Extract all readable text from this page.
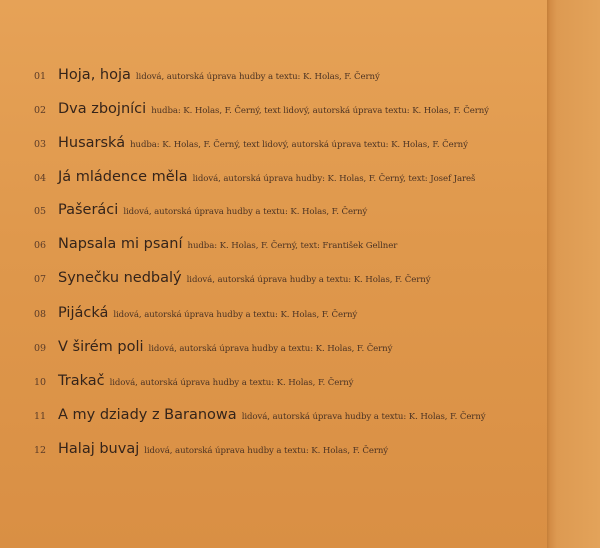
01 Hoja, hoja lidová, autorská úprava hudby a textu: K. Holas, F. Černý
02 Dva zbojníci hudba: K. Holas, F. Černý, text lidový, autorská úprava textu: K. Holas, F. Černý
03 Husarská hudba: K. Holas, F. Černý, text lidový, autorská úprava textu: K. Holas, F. Černý
04 Já mládence měla lidová, autorská úprava hudby: K. Holas, F. Černý, text: Josef Jareš
05 Pašeráci lidová, autorská úprava hudby a textu: K. Holas, F. Černý
06 Napsala mi psaní hudba: K. Holas, F. Černý, text: František Gellner
07 Synečku nedbalý lidová, autorská úprava hudby a textu: K. Holas, F. Černý
08 Pijácká lidová, autorská úprava hudby a textu: K. Holas, F. Černý
09 V širém poli lidová, autorská úprava hudby a textu: K. Holas, F. Černý
10 Trakač lidová, autorská úprava hudby a textu: K. Holas, F. Černý
11 A my dziady z Baranowa lidová, autorská úprava hudby a textu: K. Holas, F. Černý
12 Halaj buvaj lidová, autorská úprava hudby a textu: K. Holas, F. Černý
